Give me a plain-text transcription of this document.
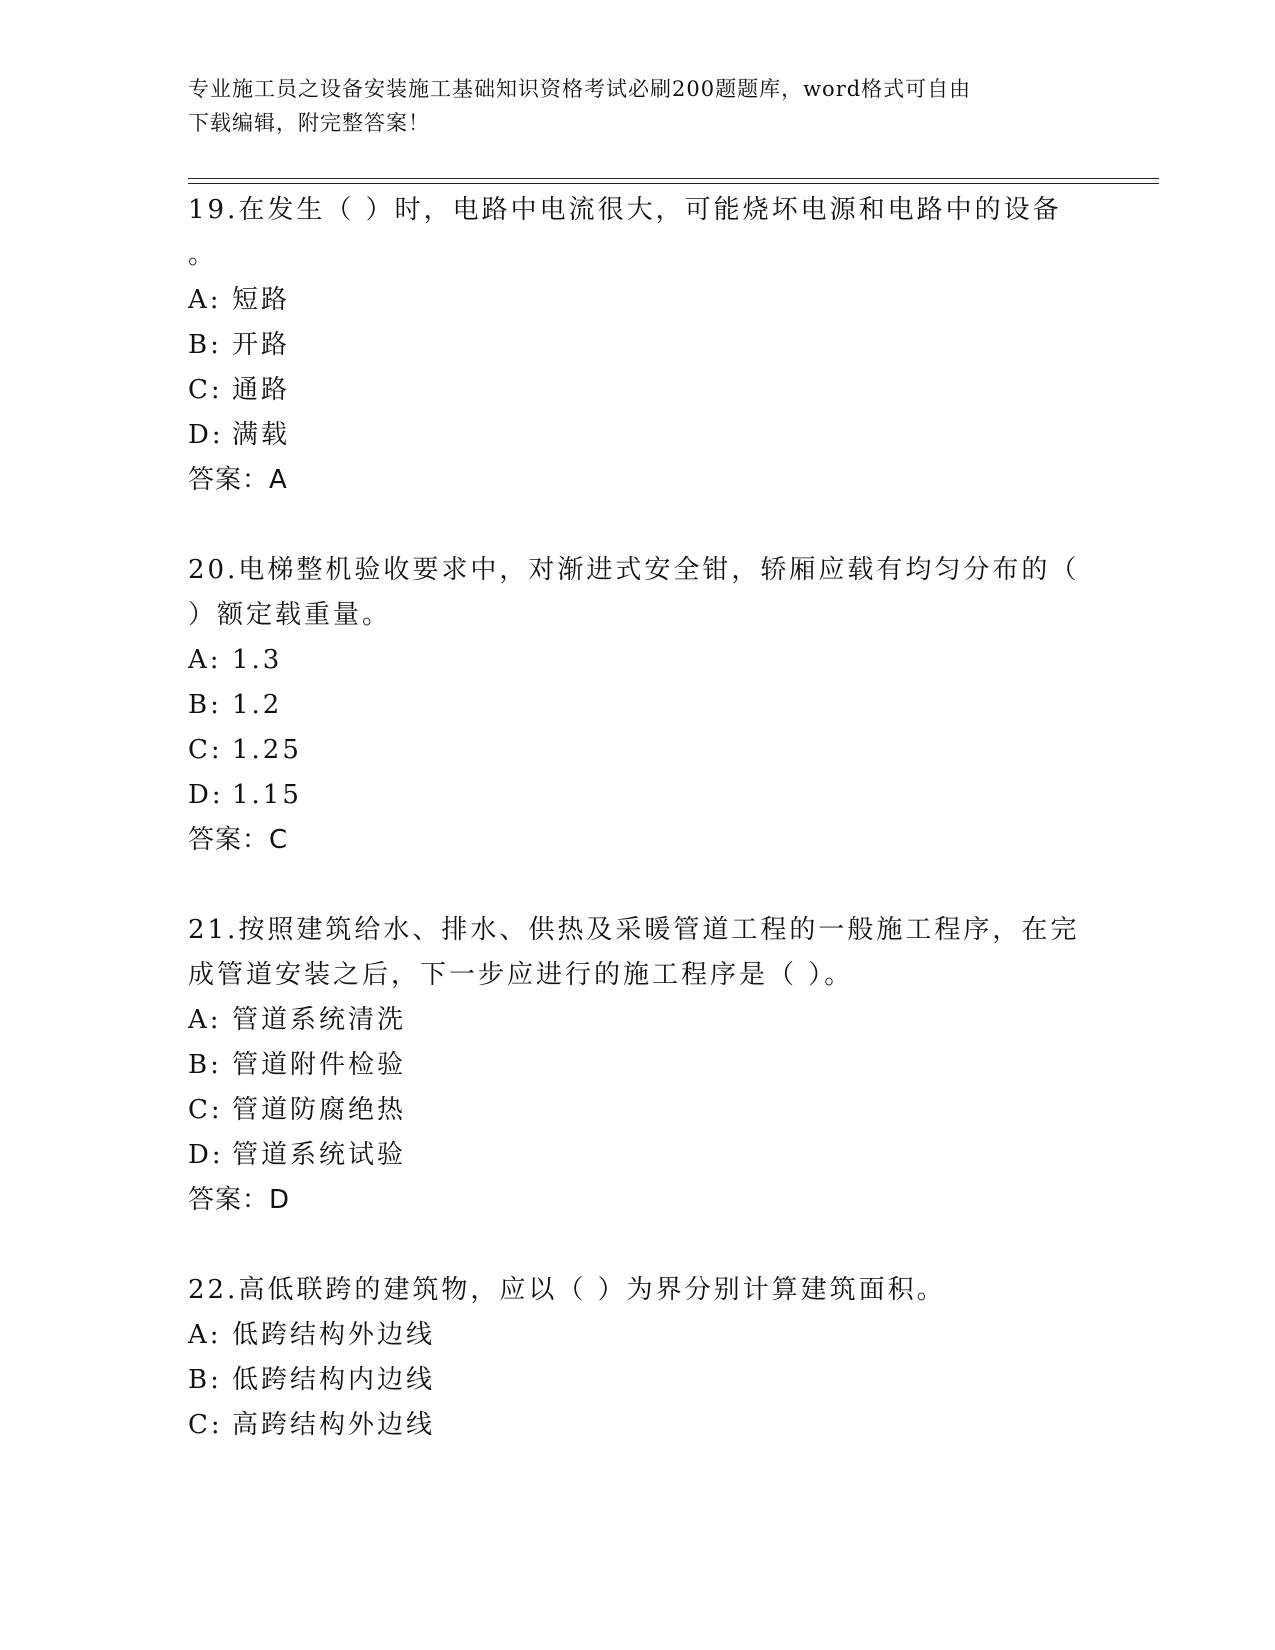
专业施工员之设备安装施工基础知识资格考试必刷200题题库，word格式可自由
下载编辑，附完整答案！
19.在发生（ ）时，电路中电流很大，可能烧坏电源和电路中的设备
。
A: 短路
B: 开路
C: 通路
D: 满载
答案：A
20.电梯整机验收要求中，对渐进式安全钳，轿厢应载有均匀分布的（
）额定载重量。
A: 1.3
B: 1.2
C: 1.25
D: 1.15
答案：C
21.按照建筑给水、排水、供热及采暖管道工程的一般施工程序，在完
成管道安装之后，下一步应进行的施工程序是（ ）。
A: 管道系统清洗
B: 管道附件检验
C: 管道防腐绝热
D: 管道系统试验
答案：D
22.高低联跨的建筑物，应以（ ）为界分别计算建筑面积。
A: 低跨结构外边线
B: 低跨结构内边线
C: 高跨结构外边线
